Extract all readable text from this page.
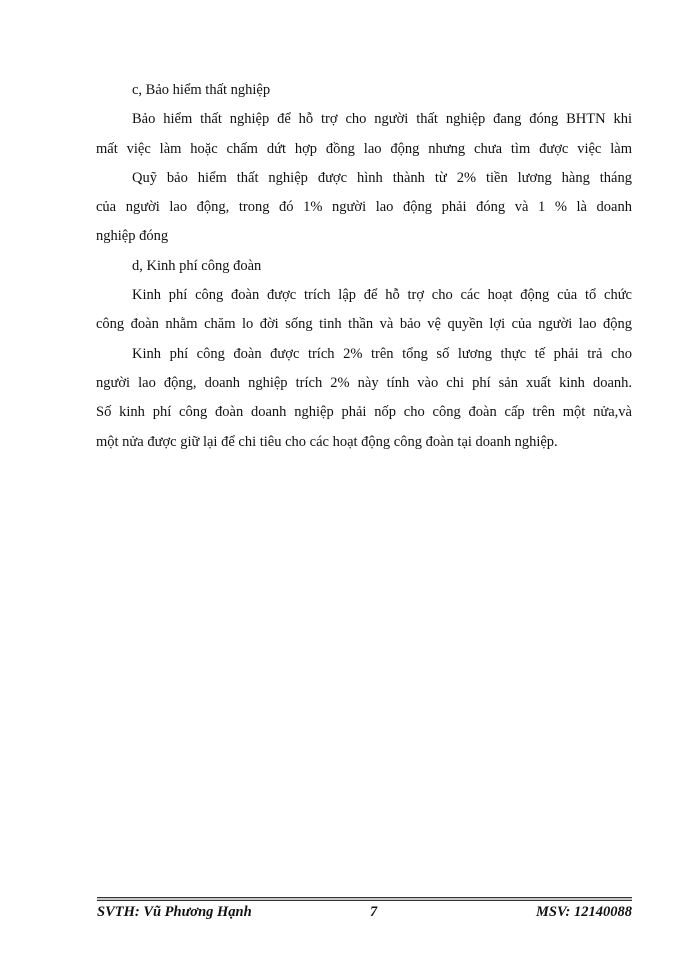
c, Bảo hiểm thất nghiệp
Bảo hiểm thất nghiệp để hỗ trợ cho người thất nghiệp đang đóng BHTN khi
mất việc làm hoặc chấm dứt hợp đồng lao động nhưng chưa tìm được việc làm
Quỹ bảo hiểm thất nghiệp được hình thành từ 2% tiền lương hàng tháng
của người lao động, trong đó 1% người lao động phải đóng và 1 % là doanh
nghiệp đóng
d, Kinh phí công đoàn
Kinh phí công đoàn được trích lập để hỗ trợ cho các hoạt động của tổ chức
công đoàn nhằm chăm lo đời sống tinh thần và bảo vệ quyền lợi của người lao động
Kinh phí công đoàn được trích 2% trên tổng số lương thực tế phải trả cho
người lao động, doanh nghiệp trích 2% này tính vào chi phí sản xuất kinh doanh.
Số kinh phí công đoàn doanh nghiệp phải nốp cho công đoàn cấp trên một nửa,và
một nửa được giữ lại để chi tiêu cho các hoạt động công đoàn tại doanh nghiệp.
SVTH: Vũ Phương Hạnh	7	MSV: 12140088
